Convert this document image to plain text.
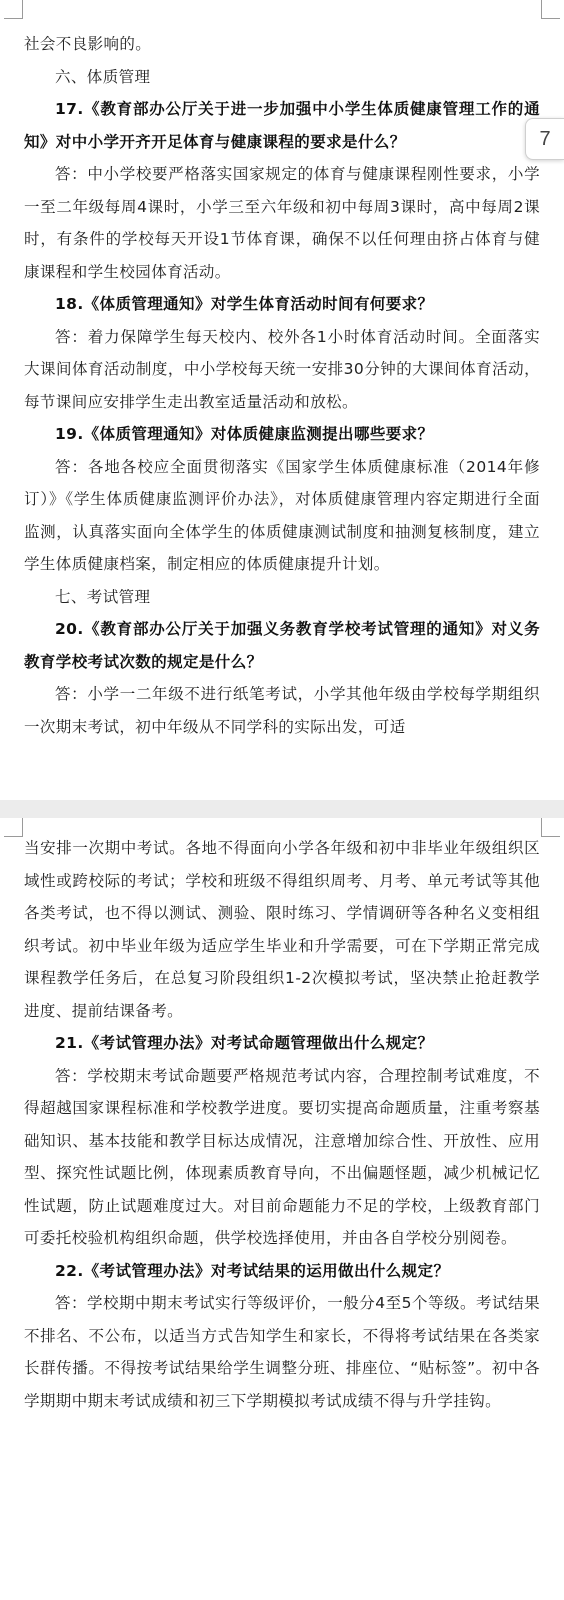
社会不良影响的。

六、体质管理

17.《教育部办公厅关于进一步加强中小学生体质健康管理工作的通知》对中小学开齐开足体育与健康课程的要求是什么？

答：中小学校要严格落实国家规定的体育与健康课程刚性要求，小学一至二年级每周4课时，小学三至六年级和初中每周3课时，高中每周2课时，有条件的学校每天开设1节体育课，确保不以任何理由挤占体育与健康课程和学生校园体育活动。

18.《体质管理通知》对学生体育活动时间有何要求？

答：着力保障学生每天校内、校外各1小时体育活动时间。全面落实大课间体育活动制度，中小学校每天统一安排30分钟的大课间体育活动，每节课间应安排学生走出教室适量活动和放松。

19.《体质管理通知》对体质健康监测提出哪些要求？

答：各地各校应全面贯彻落实《国家学生体质健康标准（2014年修订）》《学生体质健康监测评价办法》，对体质健康管理内容定期进行全面监测，认真落实面向全体学生的体质健康测试制度和抽测复核制度，建立学生体质健康档案，制定相应的体质健康提升计划。

七、考试管理

20.《教育部办公厅关于加强义务教育学校考试管理的通知》对义务教育学校考试次数的规定是什么？

答：小学一二年级不进行纸笔考试，小学其他年级由学校每学期组织一次期末考试，初中年级从不同学科的实际出发，可适

7

当安排一次期中考试。各地不得面向小学各年级和初中非毕业年级组织区域性或跨校际的考试；学校和班级不得组织周考、月考、单元考试等其他各类考试，也不得以测试、测验、限时练习、学情调研等各种名义变相组织考试。初中毕业年级为适应学生毕业和升学需要，可在下学期正常完成课程教学任务后，在总复习阶段组织1-2次模拟考试，坚决禁止抢赶教学进度、提前结课备考。

21.《考试管理办法》对考试命题管理做出什么规定？

答：学校期末考试命题要严格规范考试内容，合理控制考试难度，不得超越国家课程标准和学校教学进度。要切实提高命题质量，注重考察基础知识、基本技能和教学目标达成情况，注意增加综合性、开放性、应用型、探究性试题比例，体现素质教育导向，不出偏题怪题，减少机械记忆性试题，防止试题难度过大。对目前命题能力不足的学校，上级教育部门可委托校验机构组织命题，供学校选择使用，并由各自学校分别阅卷。

22.《考试管理办法》对考试结果的运用做出什么规定？

答：学校期中期末考试实行等级评价，一般分4至5个等级。考试结果不排名、不公布，以适当方式告知学生和家长，不得将考试结果在各类家长群传播。不得按考试结果给学生调整分班、排座位、“贴标签”。初中各学期期中期末考试成绩和初三下学期模拟考试成绩不得与升学挂钩。
